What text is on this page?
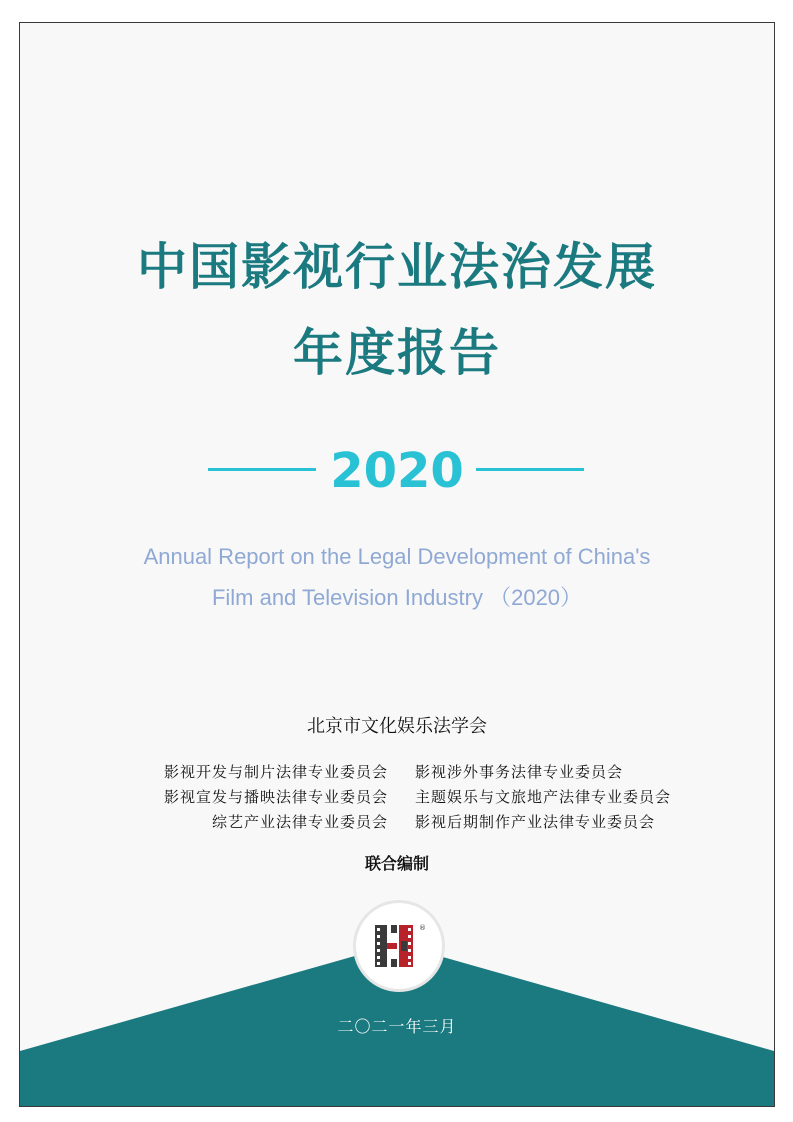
中国影视行业法治发展
年度报告
2020
Annual Report on the Legal Development of China's
Film and Television Industry （2020）
北京市文化娱乐法学会
影视开发与制片法律专业委员会
影视宣发与播映法律专业委员会
综艺产业法律专业委员会
影视涉外事务法律专业委员会
主题娱乐与文旅地产法律专业委员会
影视后期制作产业法律专业委员会
联合编制
®
二〇二一年三月
